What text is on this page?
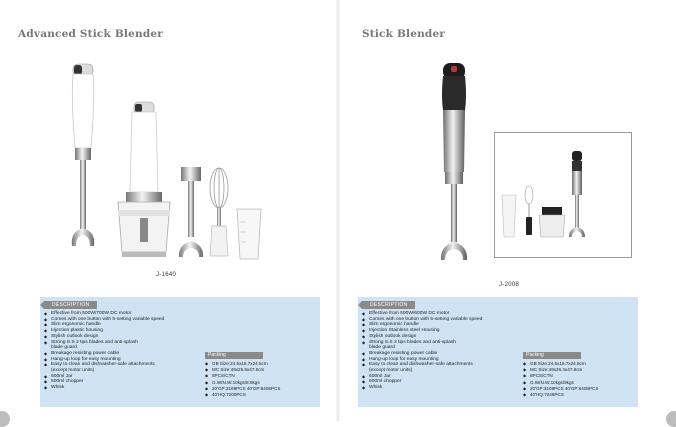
Advanced Stick Blender
J-1640
DESCRIPTION
◆ Effective from 500W/700W DC motor
◆ Comes with one button with 5-setting variable speed
◆ Slim ergonomic handle
◆ Injection plastic housing
◆ Stylish outlook design
◆ Strong S.S 2 tips blades and anti-splash
blade guard
◆ Breakage resisting power cable
◆ Hang-up loop for easy mounting
◆ Easy to clean and dishwasher-safe attachments
(except motor units)
◆ 600ml Jar
◆ 500ml chopper
◆ Whisk
Packing
◆ GB Size:24.5x15.7x24.5cm
◆ MC Size:49x26.9x47.5cm
◆ 6PCS/CTN
◆ G.W/N.W:10kgs/8.9kgs
◆ 20'GP:3198PCS 40'GP:6408PCS
◆ 40'HQ:7200PCS
Stick Blender
J-2008
DESCRIPTION
◆ Effective from 500W/600W DC motor
◆ Comes with one button with 5-setting variable speed
◆ Slim ergonomic handle
◆ Injection Stainless steel Housing
◆ Stylish outlook design
◆ Strong S.S 2 tips blades and anti-splash
blade guard
◆ Breakage resisting power cable
◆ Hang-up loop for easy mounting
◆ Easy to clean and dishwasher-safe attachments
(except motor units)
◆ 600ml Jar
◆ 500ml chopper
◆ Whisk
Packing
◆ GB Size:24.5x15.7x24.5cm
◆ MC Size:49x26.4x47.8cm
◆ 6PCS/CTN
◆ G.W/N.W:10kgs/9kgs
◆ 20'GP:3108PCS 40'GP:6408PCS
◆ 40'HQ:7248PCS
